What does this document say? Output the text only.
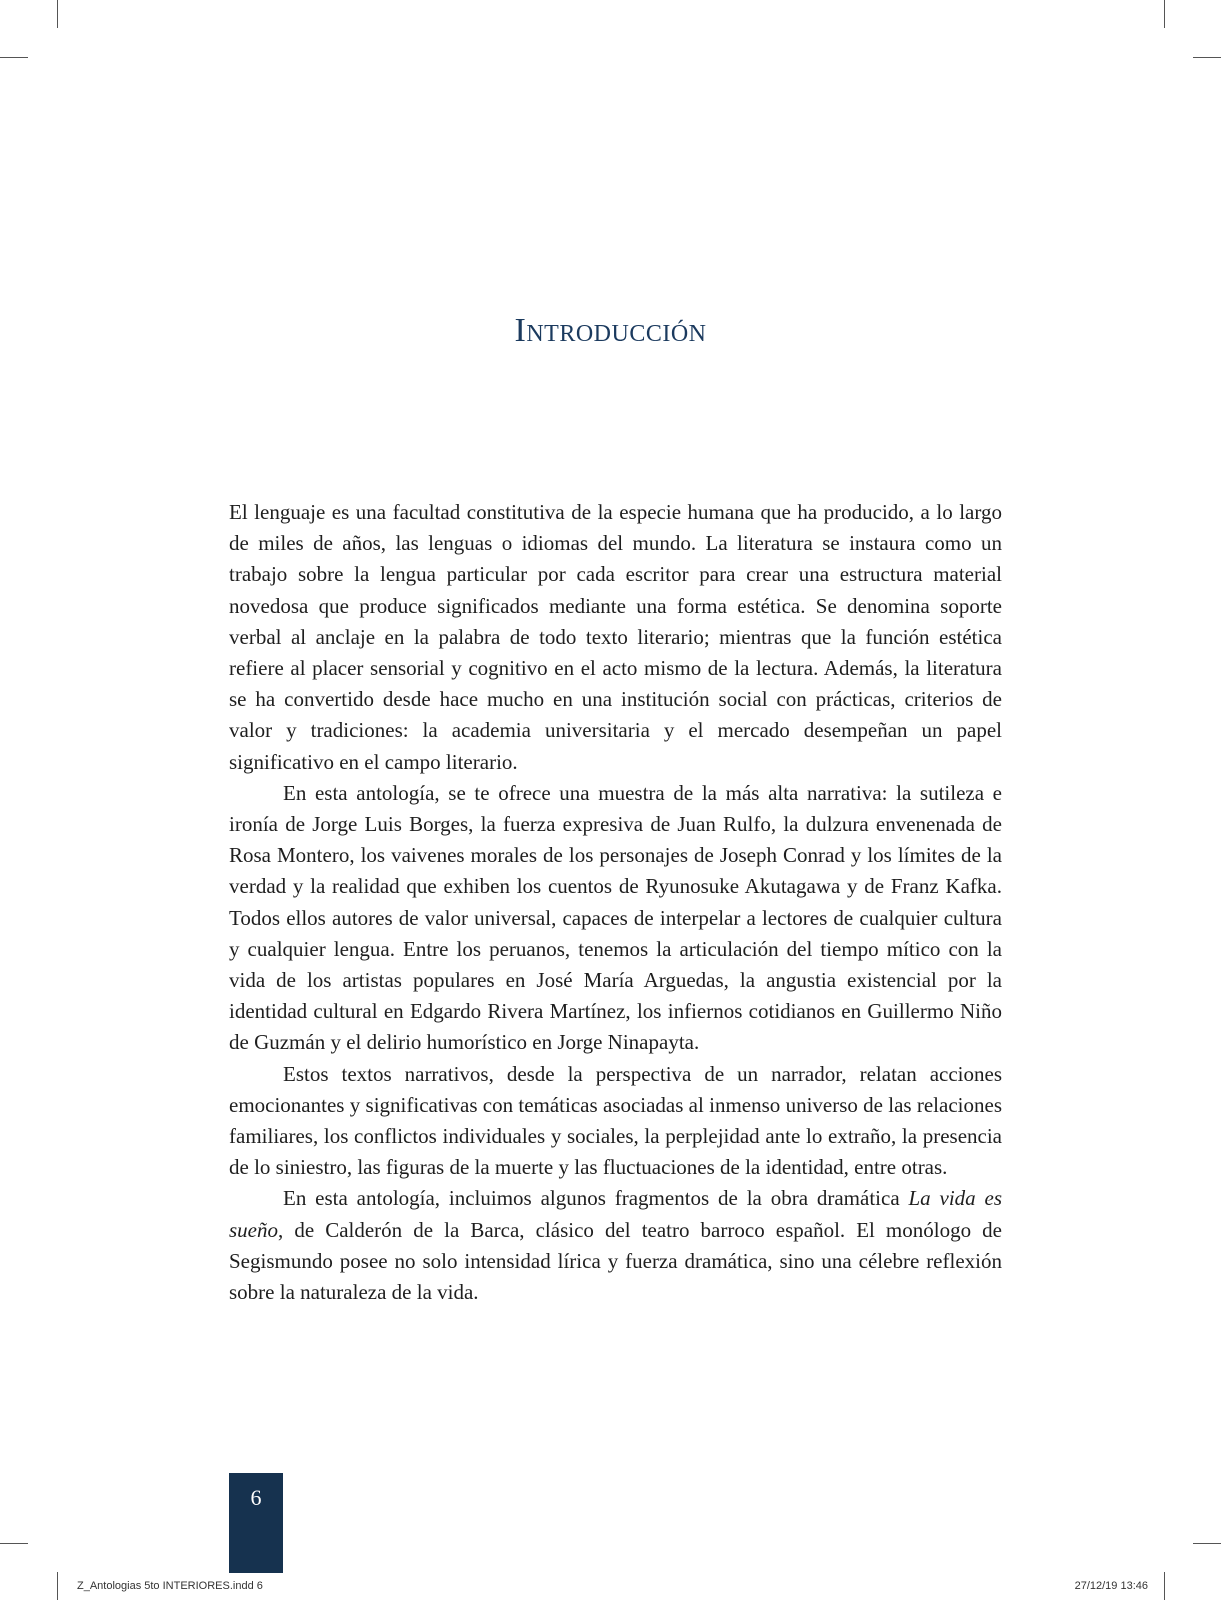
Introducción

El lenguaje es una facultad constitutiva de la especie humana que ha producido, a lo largo de miles de años, las lenguas o idiomas del mundo. La literatura se instaura como un trabajo sobre la lengua particular por cada escritor para crear una estructura material novedosa que produce significados mediante una forma estética. Se denomina soporte verbal al anclaje en la palabra de todo texto literario; mientras que la función estética refiere al placer sensorial y cognitivo en el acto mismo de la lectura. Además, la literatura se ha convertido desde hace mucho en una institución social con prácticas, criterios de valor y tradiciones: la academia universitaria y el mercado desempeñan un papel significativo en el campo literario.

En esta antología, se te ofrece una muestra de la más alta narrativa: la sutileza e ironía de Jorge Luis Borges, la fuerza expresiva de Juan Rulfo, la dulzura envenenada de Rosa Montero, los vaivenes morales de los personajes de Joseph Conrad y los límites de la verdad y la realidad que exhiben los cuentos de Ryunosuke Akutagawa y de Franz Kafka. Todos ellos autores de valor universal, capaces de interpelar a lectores de cualquier cultura y cualquier lengua. Entre los peruanos, tenemos la articulación del tiempo mítico con la vida de los artistas populares en José María Arguedas, la angustia existencial por la identidad cultural en Edgardo Rivera Martínez, los infiernos cotidianos en Guillermo Niño de Guzmán y el delirio humorístico en Jorge Ninapayta.

Estos textos narrativos, desde la perspectiva de un narrador, relatan acciones emocionantes y significativas con temáticas asociadas al inmenso universo de las relaciones familiares, los conflictos individuales y sociales, la perplejidad ante lo extraño, la presencia de lo siniestro, las figuras de la muerte y las fluctuaciones de la identidad, entre otras.

En esta antología, incluimos algunos fragmentos de la obra dramática La vida es sueño, de Calderón de la Barca, clásico del teatro barroco español. El monólogo de Segismundo posee no solo intensidad lírica y fuerza dramática, sino una célebre reflexión sobre la naturaleza de la vida.

6
Z_Antologias 5to INTERIORES.indd 6	27/12/19 13:46
